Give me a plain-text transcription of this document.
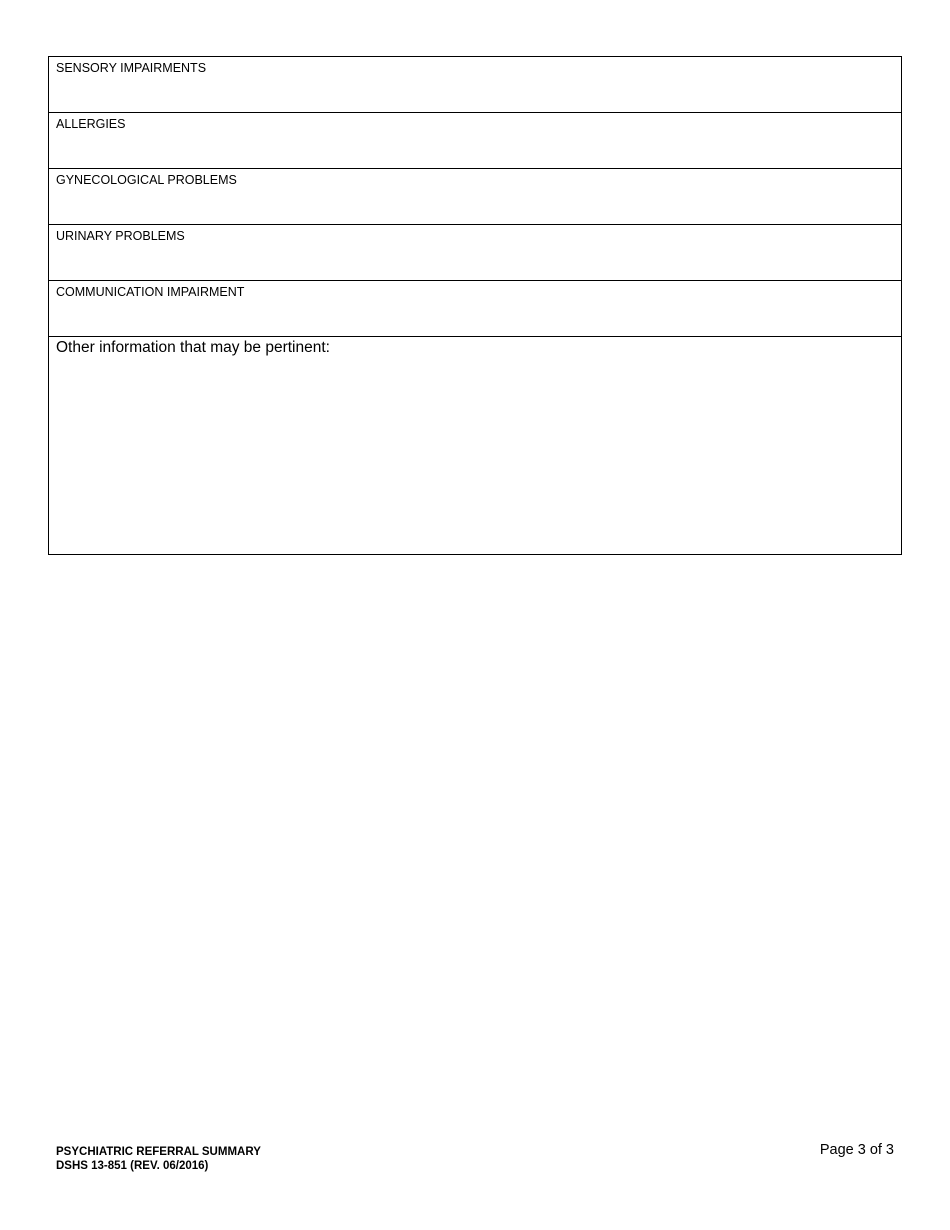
SENSORY IMPAIRMENTS
ALLERGIES
GYNECOLOGICAL PROBLEMS
URINARY PROBLEMS
COMMUNICATION IMPAIRMENT
Other information that may be pertinent:
PSYCHIATRIC REFERRAL SUMMARY
DSHS 13-851 (REV. 06/2016)
Page 3 of 3
